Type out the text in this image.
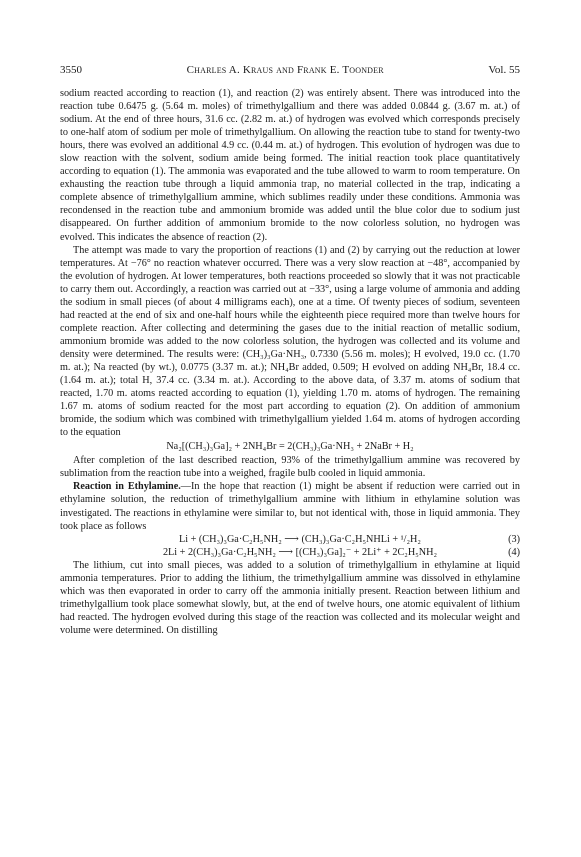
3550	Charles A. Kraus and Frank E. Toonder	Vol. 55

sodium reacted according to reaction (1), and reaction (2) was entirely absent. There was introduced into the reaction tube 0.6475 g. (5.64 m. moles) of trimethylgallium and there was added 0.0844 g. (3.67 m. at.) of sodium. At the end of three hours, 31.6 cc. (2.82 m. at.) of hydrogen was evolved which corresponds precisely to one-half atom of sodium per mole of trimethylgallium. On allowing the reaction tube to stand for twenty-two hours, there was evolved an additional 4.9 cc. (0.44 m. at.) of hydrogen. This evolution of hydrogen was due to slow reaction with the solvent, sodium amide being formed. The initial reaction took place quantitatively according to equation (1). The ammonia was evaporated and the tube allowed to warm to room temperature. On exhausting the reaction tube through a liquid ammonia trap, no material collected in the trap, indicating a complete absence of trimethylgallium ammine, which sublimes readily under these conditions. Ammonia was recondensed in the reaction tube and ammonium bromide was added until the blue color due to sodium just disappeared. On further addition of ammonium bromide to the now colorless solution, no hydrogen was evolved. This indicates the absence of reaction (2).

The attempt was made to vary the proportion of reactions (1) and (2) by carrying out the reduction at lower temperatures. At −76° no reaction whatever occurred. There was a very slow reaction at −48°, accompanied by the evolution of hydrogen. At lower temperatures, both reactions proceeded so slowly that it was not practicable to carry them out. Accordingly, a reaction was carried out at −33°, using a large volume of ammonia and adding the sodium in small pieces (of about 4 milligrams each), one at a time. Of twenty pieces of sodium, seventeen had reacted at the end of six and one-half hours while the eighteenth piece required more than twelve hours for complete reaction. After collecting and determining the gases due to the initial reaction of metallic sodium, ammonium bromide was added to the now colorless solution, the hydrogen was collected and its volume and density were determined. The results were: (CH₃)₃Ga·NH₃, 0.7330 (5.56 m. moles); H evolved, 19.0 cc. (1.70 m. at.); Na reacted (by wt.), 0.0775 (3.37 m. at.); NH₄Br added, 0.509; H evolved on adding NH₄Br, 18.4 cc. (1.64 m. at.); total H, 37.4 cc. (3.34 m. at.). According to the above data, of 3.37 m. atoms of sodium that reacted, 1.70 m. atoms reacted according to equation (1), yielding 1.70 m. atoms of hydrogen. The remaining 1.67 m. atoms of sodium reacted for the most part according to equation (2). On addition of ammonium bromide, the sodium which was combined with trimethylgallium yielded 1.64 m. atoms of hydrogen according to the equation

Na₂[(CH₃)₃Ga]₂ + 2NH₄Br = 2(CH₃)₃Ga·NH₃ + 2NaBr + H₂

After completion of the last described reaction, 93% of the trimethylgallium ammine was recovered by sublimation from the reaction tube into a weighed, fragile bulb cooled in liquid ammonia.

Reaction in Ethylamine.—In the hope that reaction (1) might be absent if reduction were carried out in ethylamine solution, the reduction of trimethylgallium ammine with lithium in ethylamine solution was investigated. The reactions in ethylamine were similar to, but not identical with, those in liquid ammonia. They took place as follows

Li + (CH₃)₃Ga·C₂H₅NH₂ ⟶ (CH₃)₃Ga·C₂H₅NHLi + ¹/₂H₂	(3)
2Li + 2(CH₃)₃Ga·C₂H₅NH₂ ⟶ [(CH₃)₃Ga]₂⁻ + 2Li⁺ + 2C₂H₅NH₂	(4)

The lithium, cut into small pieces, was added to a solution of trimethylgallium in ethylamine at liquid ammonia temperatures. Prior to adding the lithium, the trimethylgallium ammine was dissolved in ethylamine which was then evaporated in order to carry off the ammonia initially present. Reaction between lithium and trimethylgallium took place somewhat slowly, but, at the end of twelve hours, one atomic equivalent of lithium had reacted. The hydrogen evolved during this stage of the reaction was collected and its molecular weight and volume were determined. On distilling
